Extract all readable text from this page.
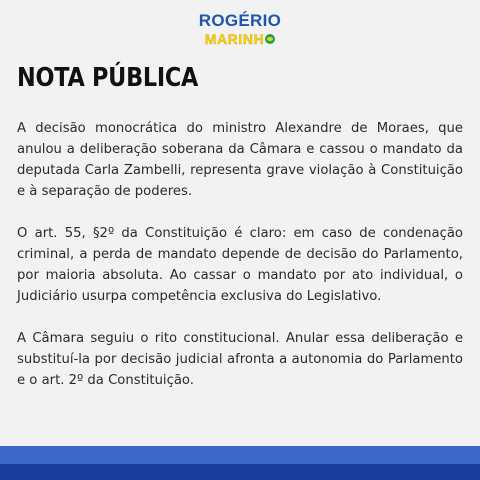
ROGÉRIO
MARINH
NOTA PÚBLICA

A decisão monocrática do ministro Alexandre de Moraes, que anulou a deliberação soberana da Câmara e cassou o mandato da deputada Carla Zambelli, representa grave violação à Constituição e à separação de poderes.

O art. 55, §2º da Constituição é claro: em caso de condenação criminal, a perda de mandato depende de decisão do Parlamento, por maioria absoluta. Ao cassar o mandato por ato individual, o Judiciário usurpa competência exclusiva do Legislativo.

A Câmara seguiu o rito constitucional. Anular essa deliberação e substituí-la por decisão judicial afronta a autonomia do Parlamento e o art. 2º da Constituição.
